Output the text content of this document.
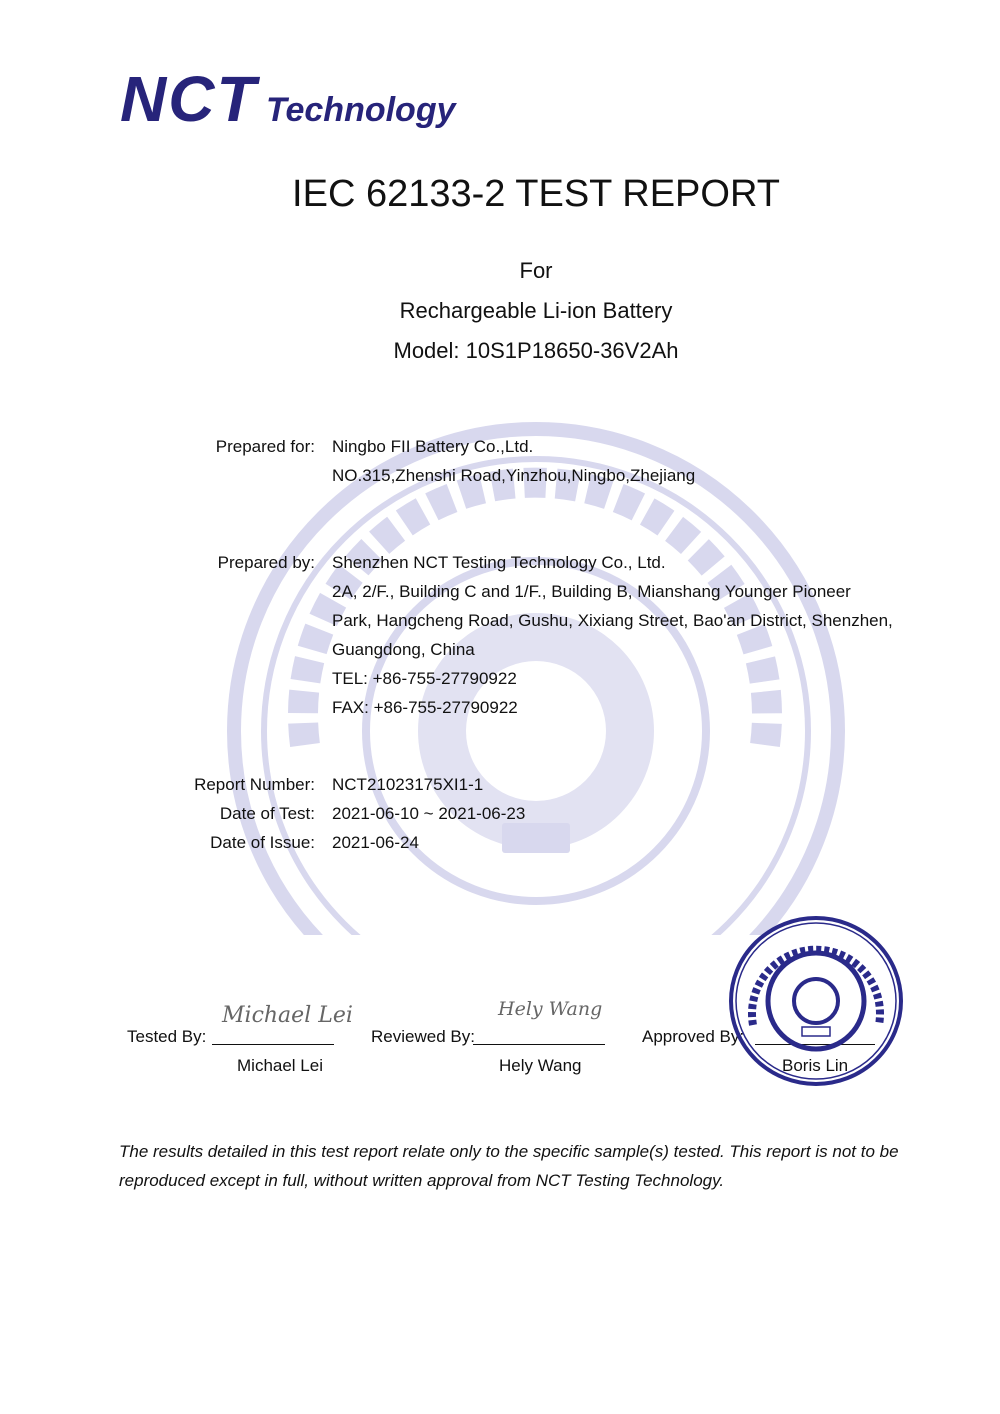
NCT Technology
IEC 62133-2 TEST REPORT
For
Rechargeable Li-ion Battery
Model: 10S1P18650-36V2Ah
Prepared for: Ningbo FII Battery Co.,Ltd.
NO.315,Zhenshi Road,Yinzhou,Ningbo,Zhejiang
Prepared by: Shenzhen NCT Testing Technology Co., Ltd.
2A, 2/F., Building C and 1/F., Building B, Mianshang Younger Pioneer
Park, Hangcheng Road, Gushu, Xixiang Street, Bao'an District, Shenzhen,
Guangdong, China
TEL: +86-755-27790922
FAX: +86-755-27790922
Report Number: NCT21023175XI1-1
Date of Test: 2021-06-10 ~ 2021-06-23
Date of Issue: 2021-06-24
Tested By:
Michael Lei
Michael Lei
Reviewed By:
Hely Wang
Hely Wang
Approved By:
Boris Lin
The results detailed in this test report relate only to the specific sample(s) tested. This report is not to be
reproduced except in full, without written approval from NCT Testing Technology.
